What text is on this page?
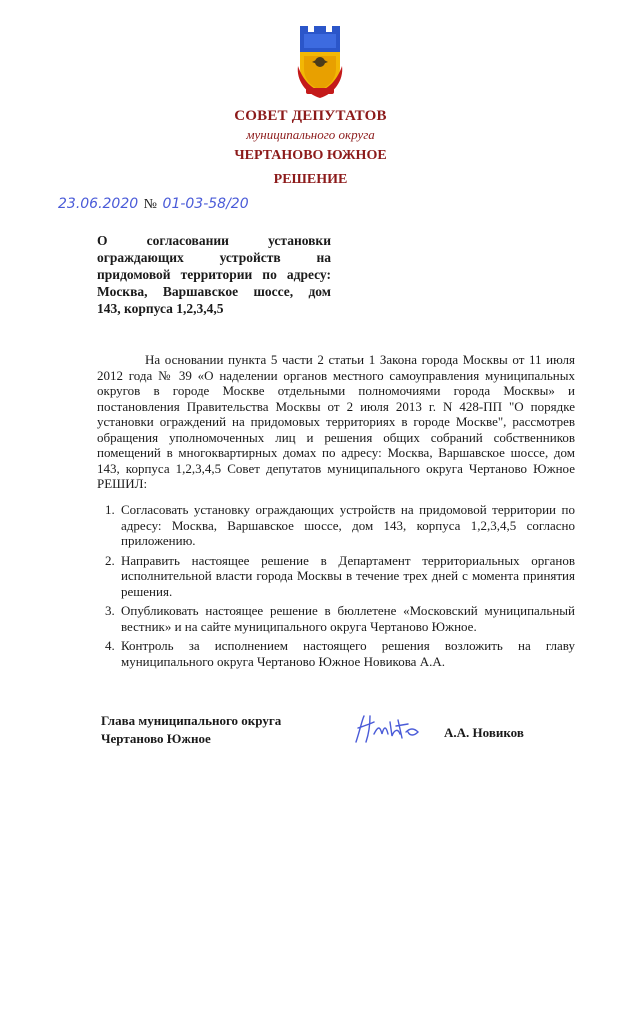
СОВЕТ ДЕПУТАТОВ
муниципального округа
ЧЕРТАНОВО ЮЖНОЕ
РЕШЕНИЕ
23.06.2020 № 01-03-58/20
О согласовании установки
ограждающих устройств на
придомовой территории по адресу:
Москва, Варшавское шоссе, дом
143, корпуса 1,2,3,4,5
На основании пункта 5 части 2 статьи 1 Закона города Москвы от 11 июля 2012 года № 39 «О наделении органов местного самоуправления муниципальных округов в городе Москве отдельными полномочиями города Москвы» и постановления Правительства Москвы от 2 июля 2013 г. N 428-ПП "О порядке установки ограждений на придомовых территориях в городе Москве", рассмотрев обращения уполномоченных лиц и решения общих собраний собственников помещений в многоквартирных домах по адресу: Москва, Варшавское шоссе, дом 143, корпуса 1,2,3,4,5 Совет депутатов муниципального округа Чертаново Южное РЕШИЛ:
1. Согласовать установку ограждающих устройств на придомовой территории по адресу: Москва, Варшавское шоссе, дом 143, корпуса 1,2,3,4,5 согласно приложению.
2. Направить настоящее решение в Департамент территориальных органов исполнительной власти города Москвы в течение трех дней с момента принятия решения.
3. Опубликовать настоящее решение в бюллетене «Московский муниципальный вестник» и на сайте муниципального округа Чертаново Южное.
4. Контроль за исполнением настоящего решения возложить на главу муниципального округа Чертаново Южное Новикова А.А.
Глава муниципального округа
Чертаново Южное	А.А. Новиков
